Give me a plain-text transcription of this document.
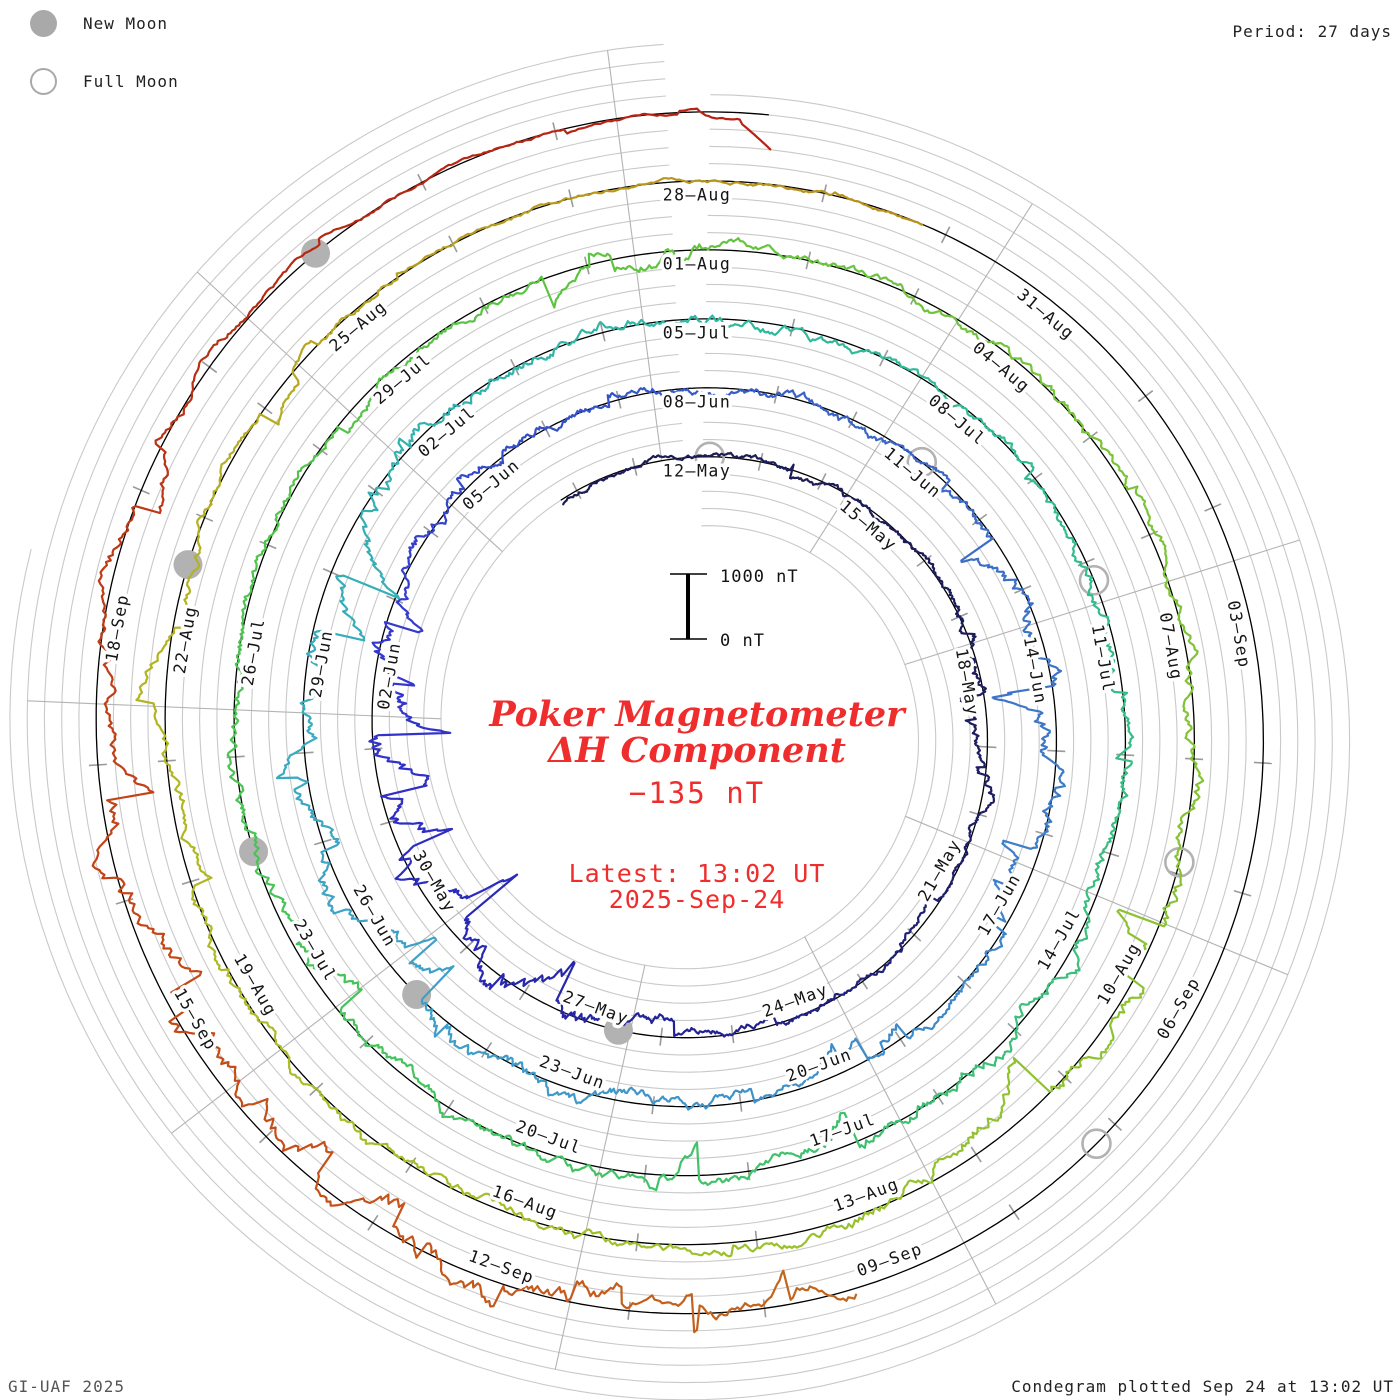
New Moon
Full Moon
Period: 27 days
GI-UAF 2025	Condegram plotted Sep 24 at 13:02 UT
12–May
15–May
18–May
21–May
24–May
27–May
30–May
02–Jun
05–Jun
08–Jun
11–Jun
14–Jun
17–Jun
20–Jun
23–Jun
26–Jun
29–Jun
02–Jul
05–Jul
08–Jul
11–Jul
14–Jul
17–Jul
20–Jul
23–Jul
26–Jul
29–Jul
01–Aug
04–Aug
07–Aug
10–Aug
13–Aug
16–Aug
19–Aug
22–Aug
25–Aug
28–Aug
31–Aug
03–Sep
06–Sep
09–Sep
12–Sep
15–Sep
18–Sep
1000 nT
0 nT
Poker Magnetometer
ΔH Component
−135 nT
Latest: 13:02 UT
2025-Sep-24
